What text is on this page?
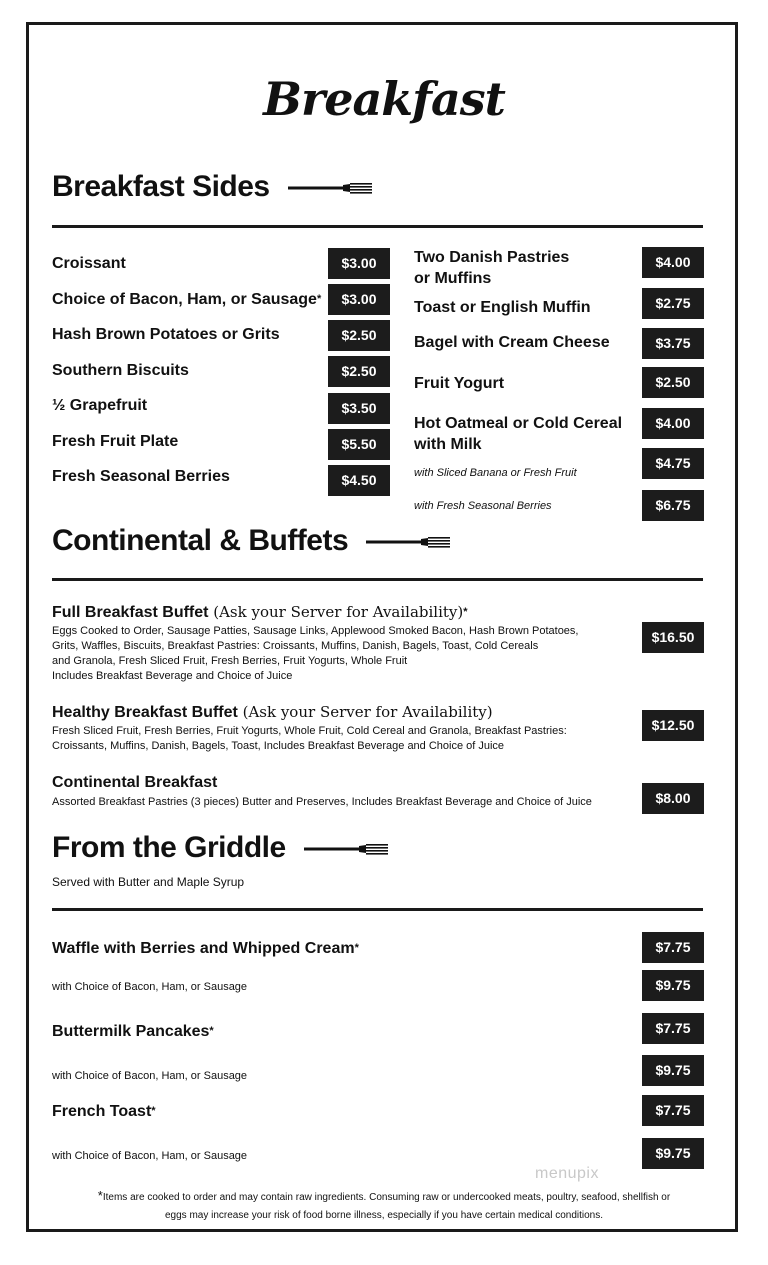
Breakfast
Breakfast Sides
Croissant	$3.00
Choice of Bacon, Ham, or Sausage*	$3.00
Hash Brown Potatoes or Grits	$2.50
Southern Biscuits	$2.50
½ Grapefruit	$3.50
Fresh Fruit Plate	$5.50
Fresh Seasonal Berries	$4.50
Two Danish Pastries
or Muffins
$4.00
Toast or English Muffin	$2.75
Bagel with Cream Cheese	$3.75
Fruit Yogurt	$2.50
Hot Oatmeal or Cold Cereal
with Milk
$4.00
with Sliced Banana or Fresh Fruit
$4.75
with Fresh Seasonal Berries	$6.75
Continental & Buffets
Full Breakfast Buffet (Ask your Server for Availability)*
Eggs Cooked to Order, Sausage Patties, Sausage Links, Applewood Smoked Bacon, Hash Brown Potatoes,
Grits, Waffles, Biscuits, Breakfast Pastries: Croissants, Muffins, Danish, Bagels, Toast, Cold Cereals
and Granola, Fresh Sliced Fruit, Fresh Berries, Fruit Yogurts, Whole Fruit
Includes Breakfast Beverage and Choice of Juice
$16.50
Healthy Breakfast Buffet (Ask your Server for Availability)
Fresh Sliced Fruit, Fresh Berries, Fruit Yogurts, Whole Fruit, Cold Cereal and Granola, Breakfast Pastries:
Croissants, Muffins, Danish, Bagels, Toast, Includes Breakfast Beverage and Choice of Juice
$12.50
Continental Breakfast
Assorted Breakfast Pastries (3 pieces) Butter and Preserves, Includes Breakfast Beverage and Choice of Juice	$8.00
From the Griddle
Served with Butter and Maple Syrup
Waffle with Berries and Whipped Cream*	$7.75
with Choice of Bacon, Ham, or Sausage	$9.75
Buttermilk Pancakes*	$7.75
with Choice of Bacon, Ham, or Sausage	$9.75
French Toast*	$7.75
with Choice of Bacon, Ham, or Sausage	$9.75
menupix
*Items are cooked to order and may contain raw ingredients. Consuming raw or undercooked meats, poultry, seafood, shellfish or
eggs may increase your risk of food borne illness, especially if you have certain medical conditions.
